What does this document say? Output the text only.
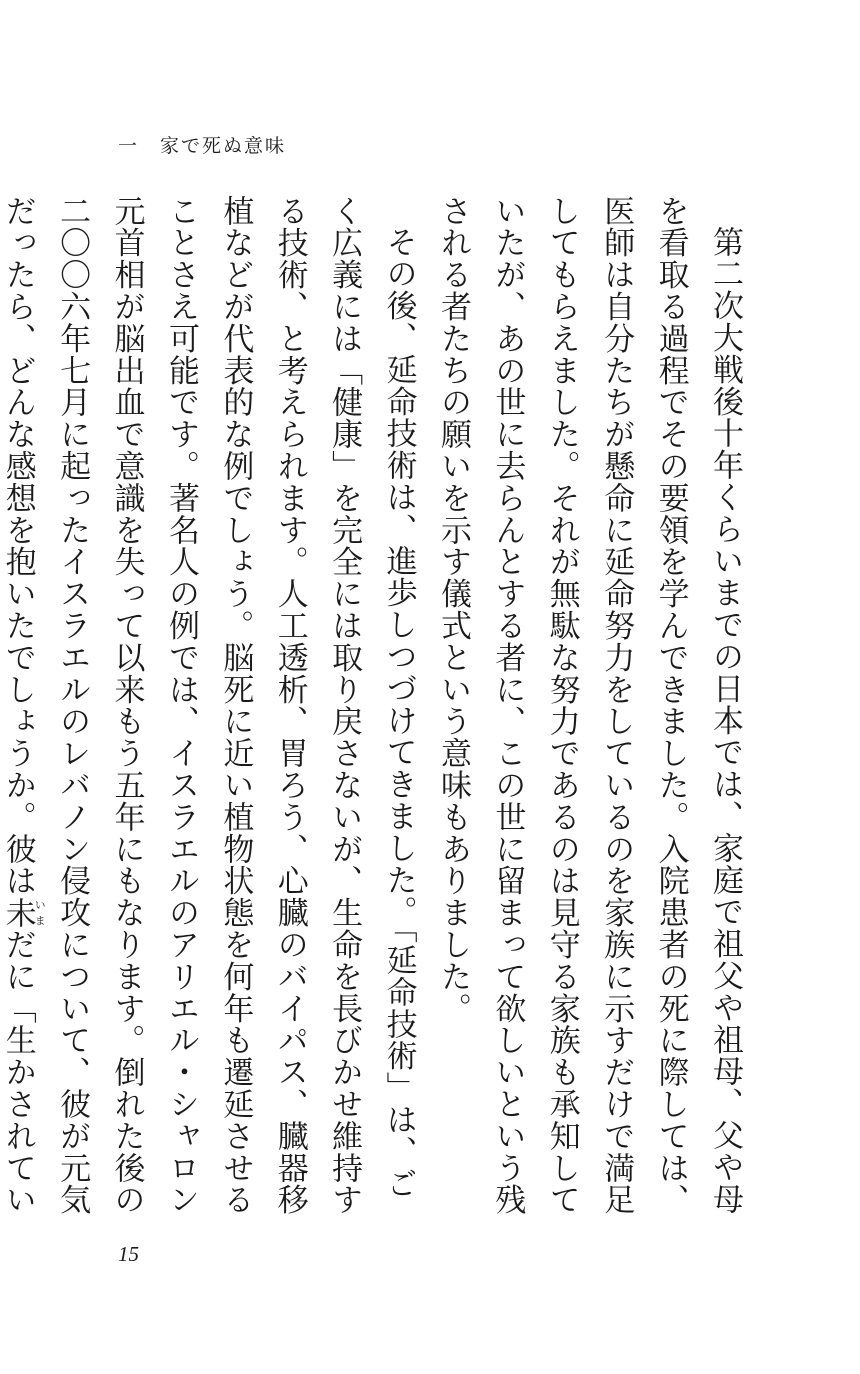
一　 家で死ぬ意味

第二次大戦後十年くらいまでの日本では、家庭で祖父や祖母、父や母を看取る過程でその要領を学んできました。入院患者の死に際しては、医師は自分たちが懸命に延命努力をしているのを家族に示すだけで満足してもらえました。それが無駄な努力であるのは見守る家族も承知していたが、あの世に去らんとする者に、この世に留まって欲しいという残される者たちの願いを示す儀式という意味もありました。

その後、延命技術は、進歩しつづけてきました。「延命技術」は、ごく広義には「健康」を完全には取り戻さないが、生命を長びかせ維持する技術、と考えられます。人工透析、胃ろう、心臓のバイパス、臓器移植などが代表的な例でしょう。脳死に近い植物状態を何年も遷延させることさえ可能です。著名人の例では、イスラエルのアリエル・シャロン元首相が脳出血で意識を失って以来もう五年にもなります。倒れた後の二〇〇六年七月に起ったイスラエルのレバノン侵攻について、彼が元気だったら、どんな感想を抱いたでしょうか。彼は未いまだに「生かされてい

15
